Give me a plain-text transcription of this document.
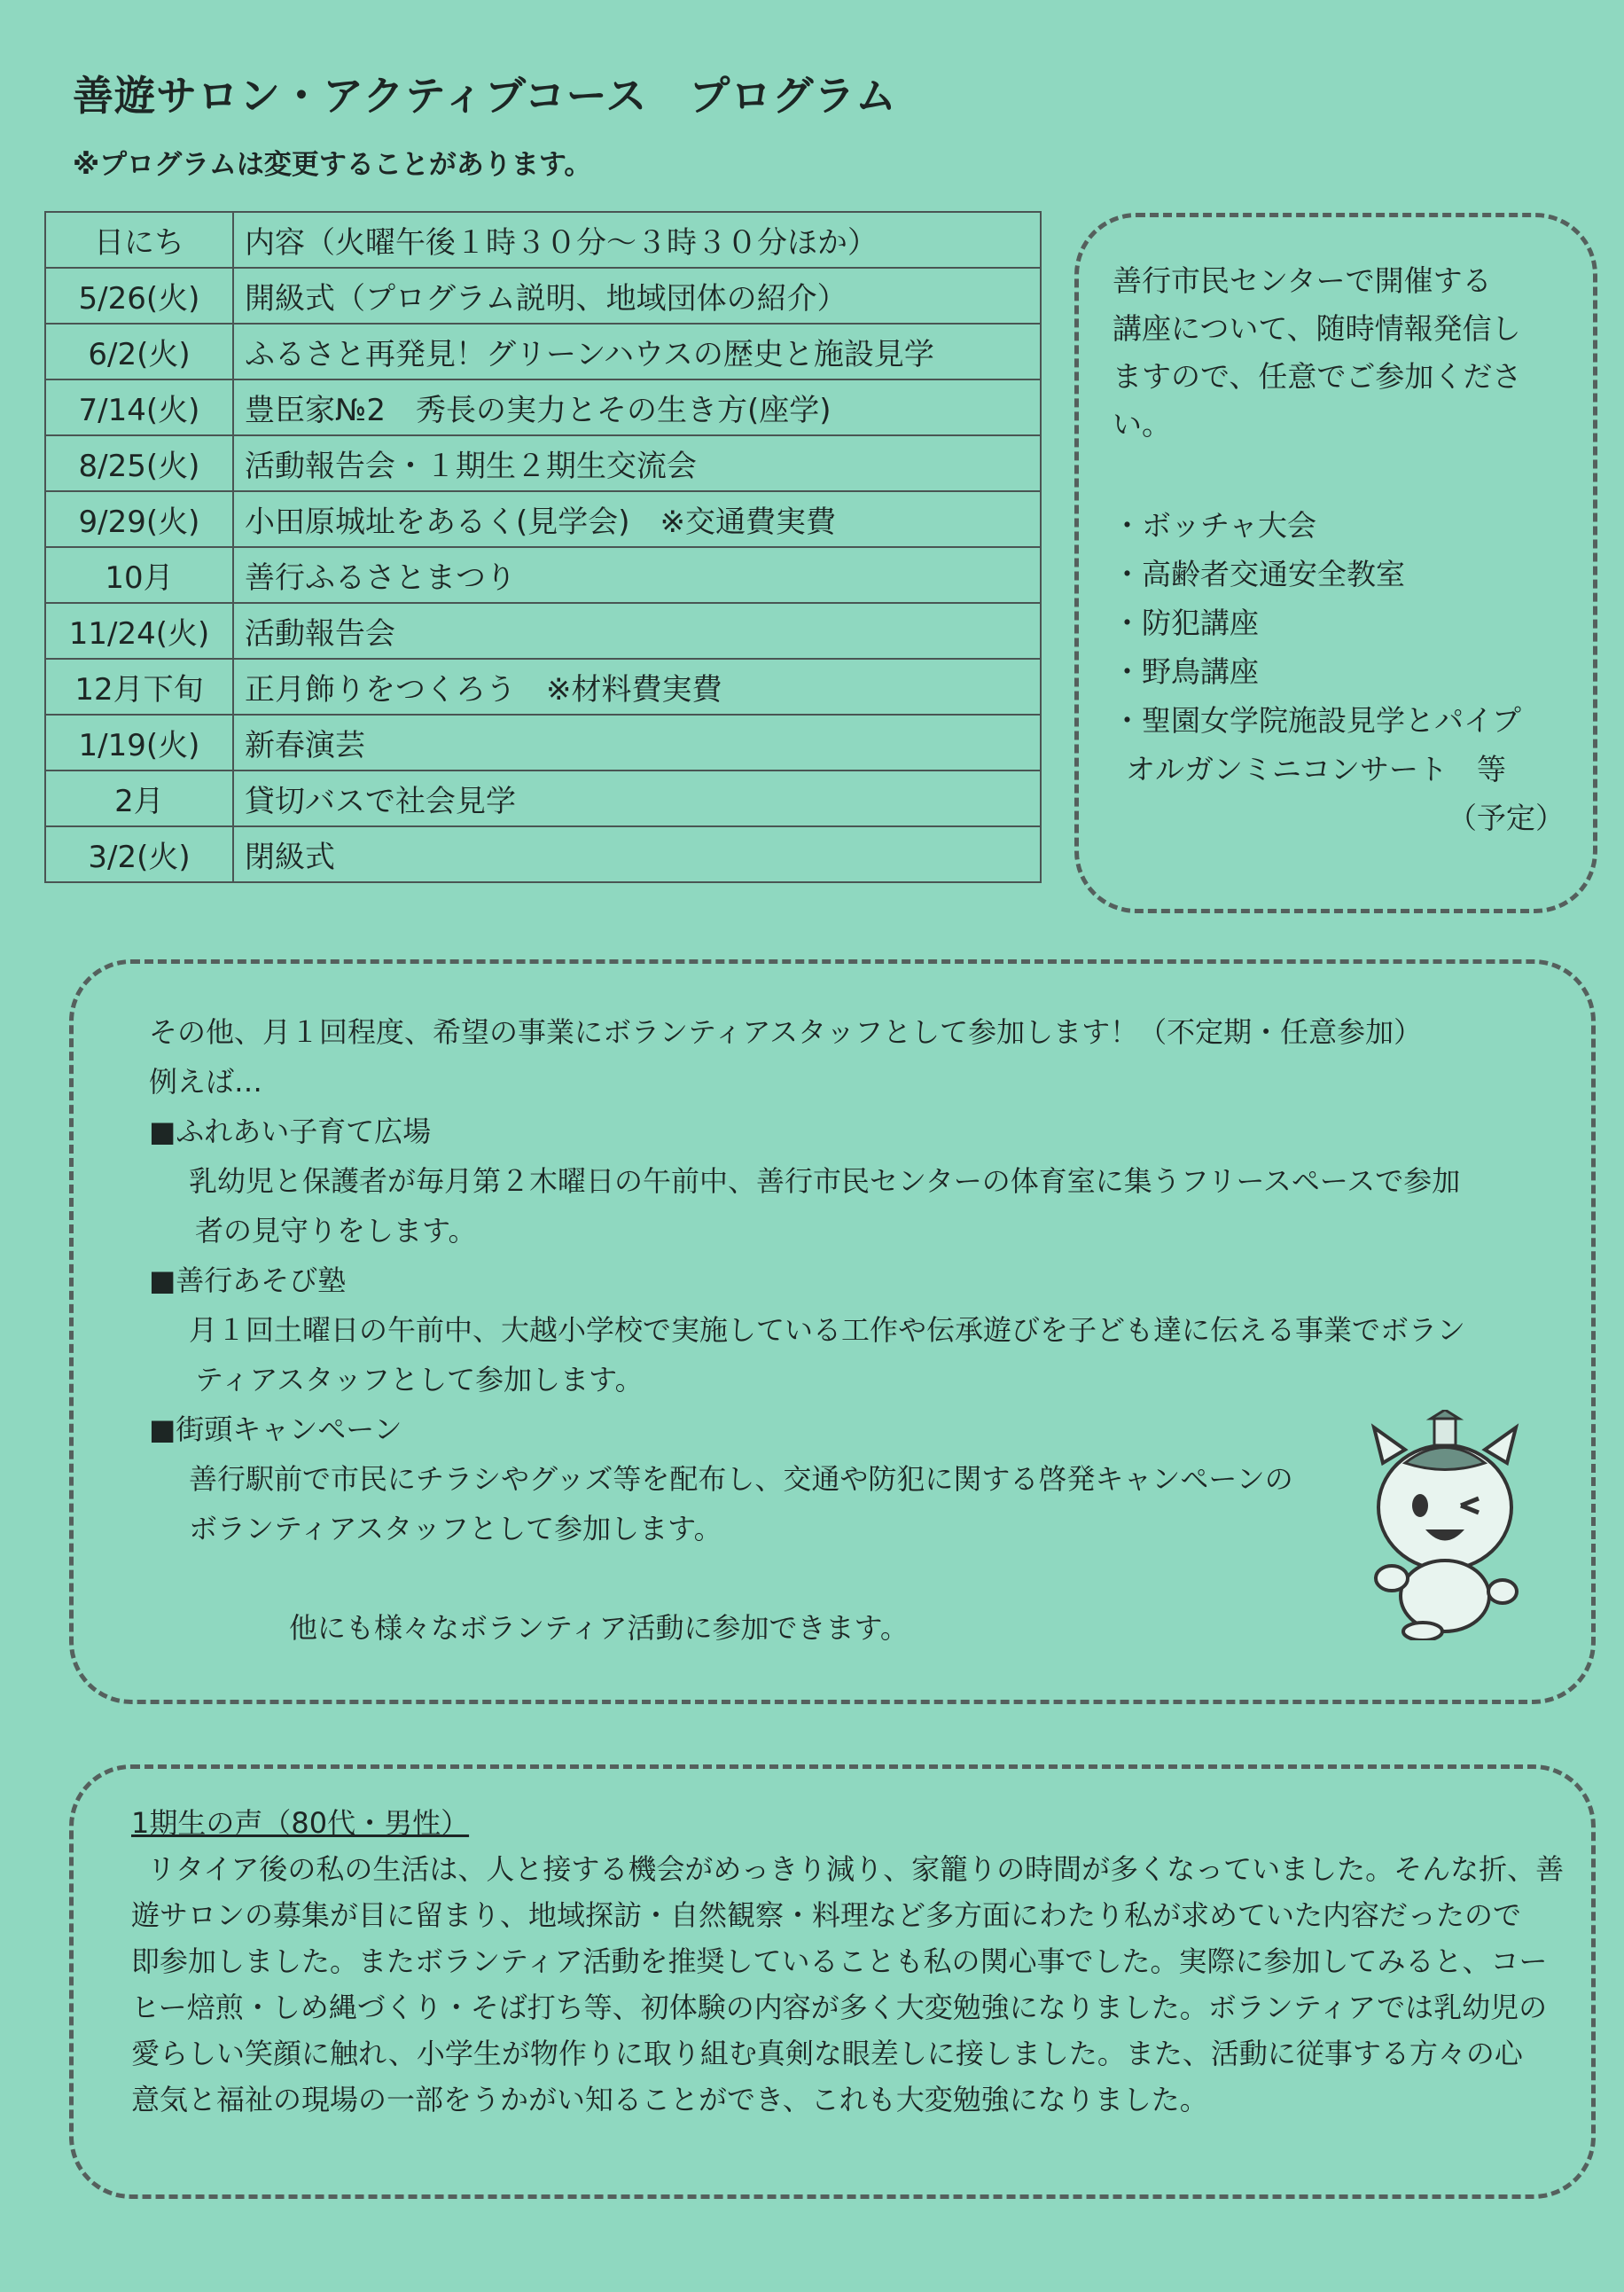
善遊サロン・アクティブコース　プログラム
※プログラムは変更することがあります。
日にち	内容（火曜午後１時３０分～３時３０分ほか）
5/26(火)	開級式（プログラム説明、地域団体の紹介）
6/2(火)	ふるさと再発見！グリーンハウスの歴史と施設見学
7/14(火)	豊臣家№2　秀長の実力とその生き方(座学)
8/25(火)	活動報告会・１期生２期生交流会
9/29(火)	小田原城址をあるく(見学会)　※交通費実費
10月	善行ふるさとまつり
11/24(火)	活動報告会
12月下旬	正月飾りをつくろう　※材料費実費
1/19(火)	新春演芸
2月	貸切バスで社会見学
3/2(火)	閉級式
善行市民センターで開催する
講座について、随時情報発信し
ますので、任意でご参加くださ
い。
・ボッチャ大会
・高齢者交通安全教室
・防犯講座
・野鳥講座
・聖園女学院施設見学とパイプ
オルガンミニコンサート　等
（予定）
その他、月１回程度、希望の事業にボランティアスタッフとして参加します！（不定期・任意参加）
例えば…
■ふれあい子育て広場
乳幼児と保護者が毎月第２木曜日の午前中、善行市民センターの体育室に集うフリースペースで参加
者の見守りをします。
■善行あそび塾
月１回土曜日の午前中、大越小学校で実施している工作や伝承遊びを子ども達に伝える事業でボラン
ティアスタッフとして参加します。
■街頭キャンペーン
善行駅前で市民にチラシやグッズ等を配布し、交通や防犯に関する啓発キャンペーンの
ボランティアスタッフとして参加します。
他にも様々なボランティア活動に参加できます。
1期生の声（80代・男性）
リタイア後の私の生活は、人と接する機会がめっきり減り、家籠りの時間が多くなっていました。そんな折、善
遊サロンの募集が目に留まり、地域探訪・自然観察・料理など多方面にわたり私が求めていた内容だったので
即参加しました。またボランティア活動を推奨していることも私の関心事でした。実際に参加してみると、コー
ヒー焙煎・しめ縄づくり・そば打ち等、初体験の内容が多く大変勉強になりました。ボランティアでは乳幼児の
愛らしい笑顔に触れ、小学生が物作りに取り組む真剣な眼差しに接しました。また、活動に従事する方々の心
意気と福祉の現場の一部をうかがい知ることができ、これも大変勉強になりました。
